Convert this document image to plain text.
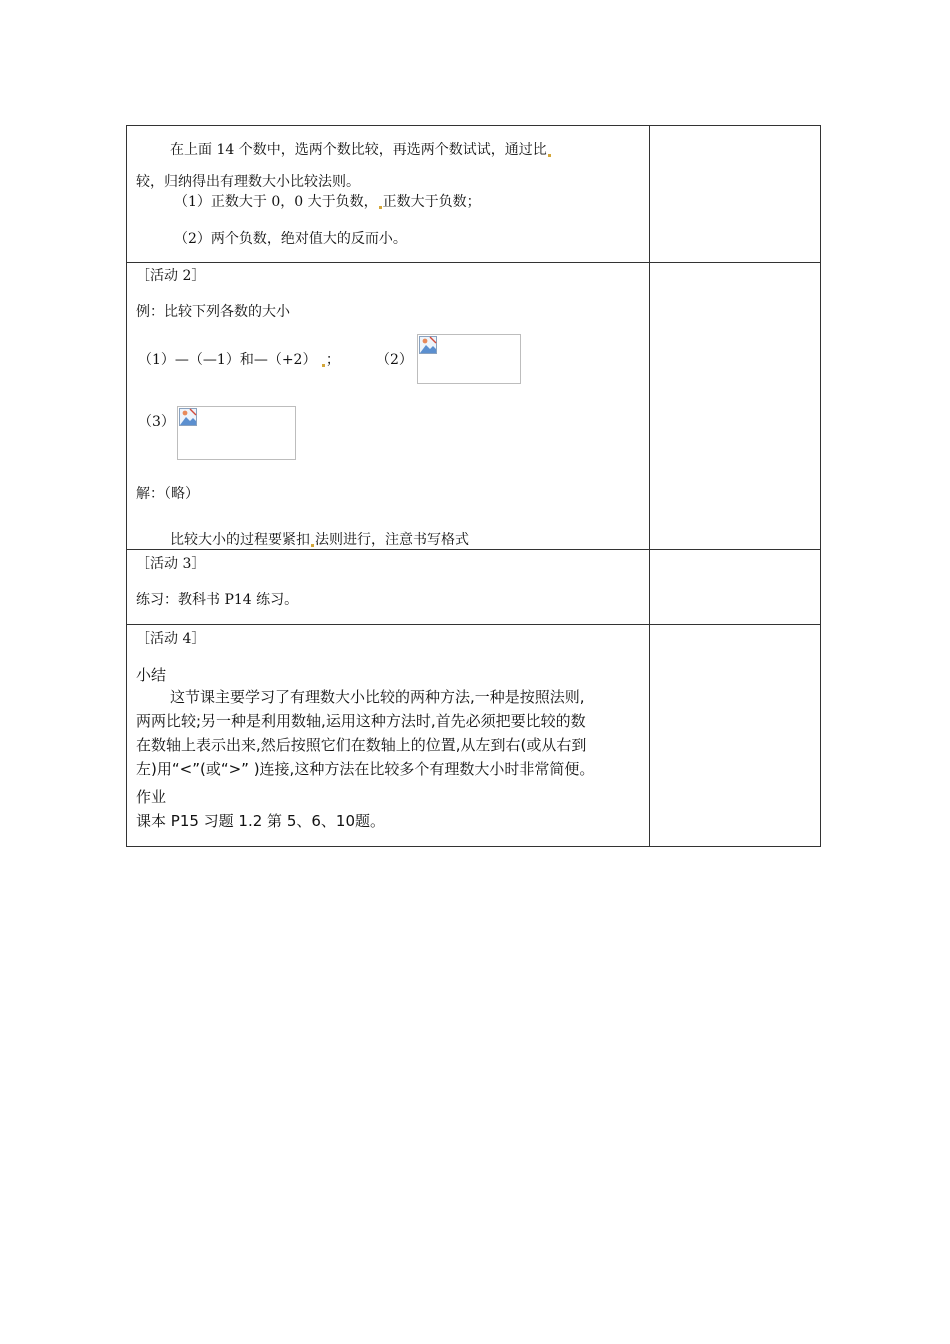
在上面 14 个数中，选两个数比较，再选两个数试试，通过比
较，归纳得出有理数大小比较法则。
（1）正数大于 0，0 大于负数， 正数大于负数；
（2）两个负数，绝对值大的反而小。
［活动 2］
例：比较下列各数的大小
（1）—（—1）和—（+2） ；	（2）
（3）
解：（略）
比较大小的过程要紧扣 法则进行，注意书写格式
［活动 3］
练习：教科书 P14 练习。
［活动 4］
小结
这节课主要学习了有理数大小比较的两种方法,一种是按照法则,
两两比较;另一种是利用数轴,运用这种方法时,首先必须把要比较的数
在数轴上表示出来,然后按照它们在数轴上的位置,从左到右(或从右到
左)用“<”(或“>” )连接,这种方法在比较多个有理数大小时非常简便。
作业
课本 P15 习题 1.2 第 5、6、10题。
